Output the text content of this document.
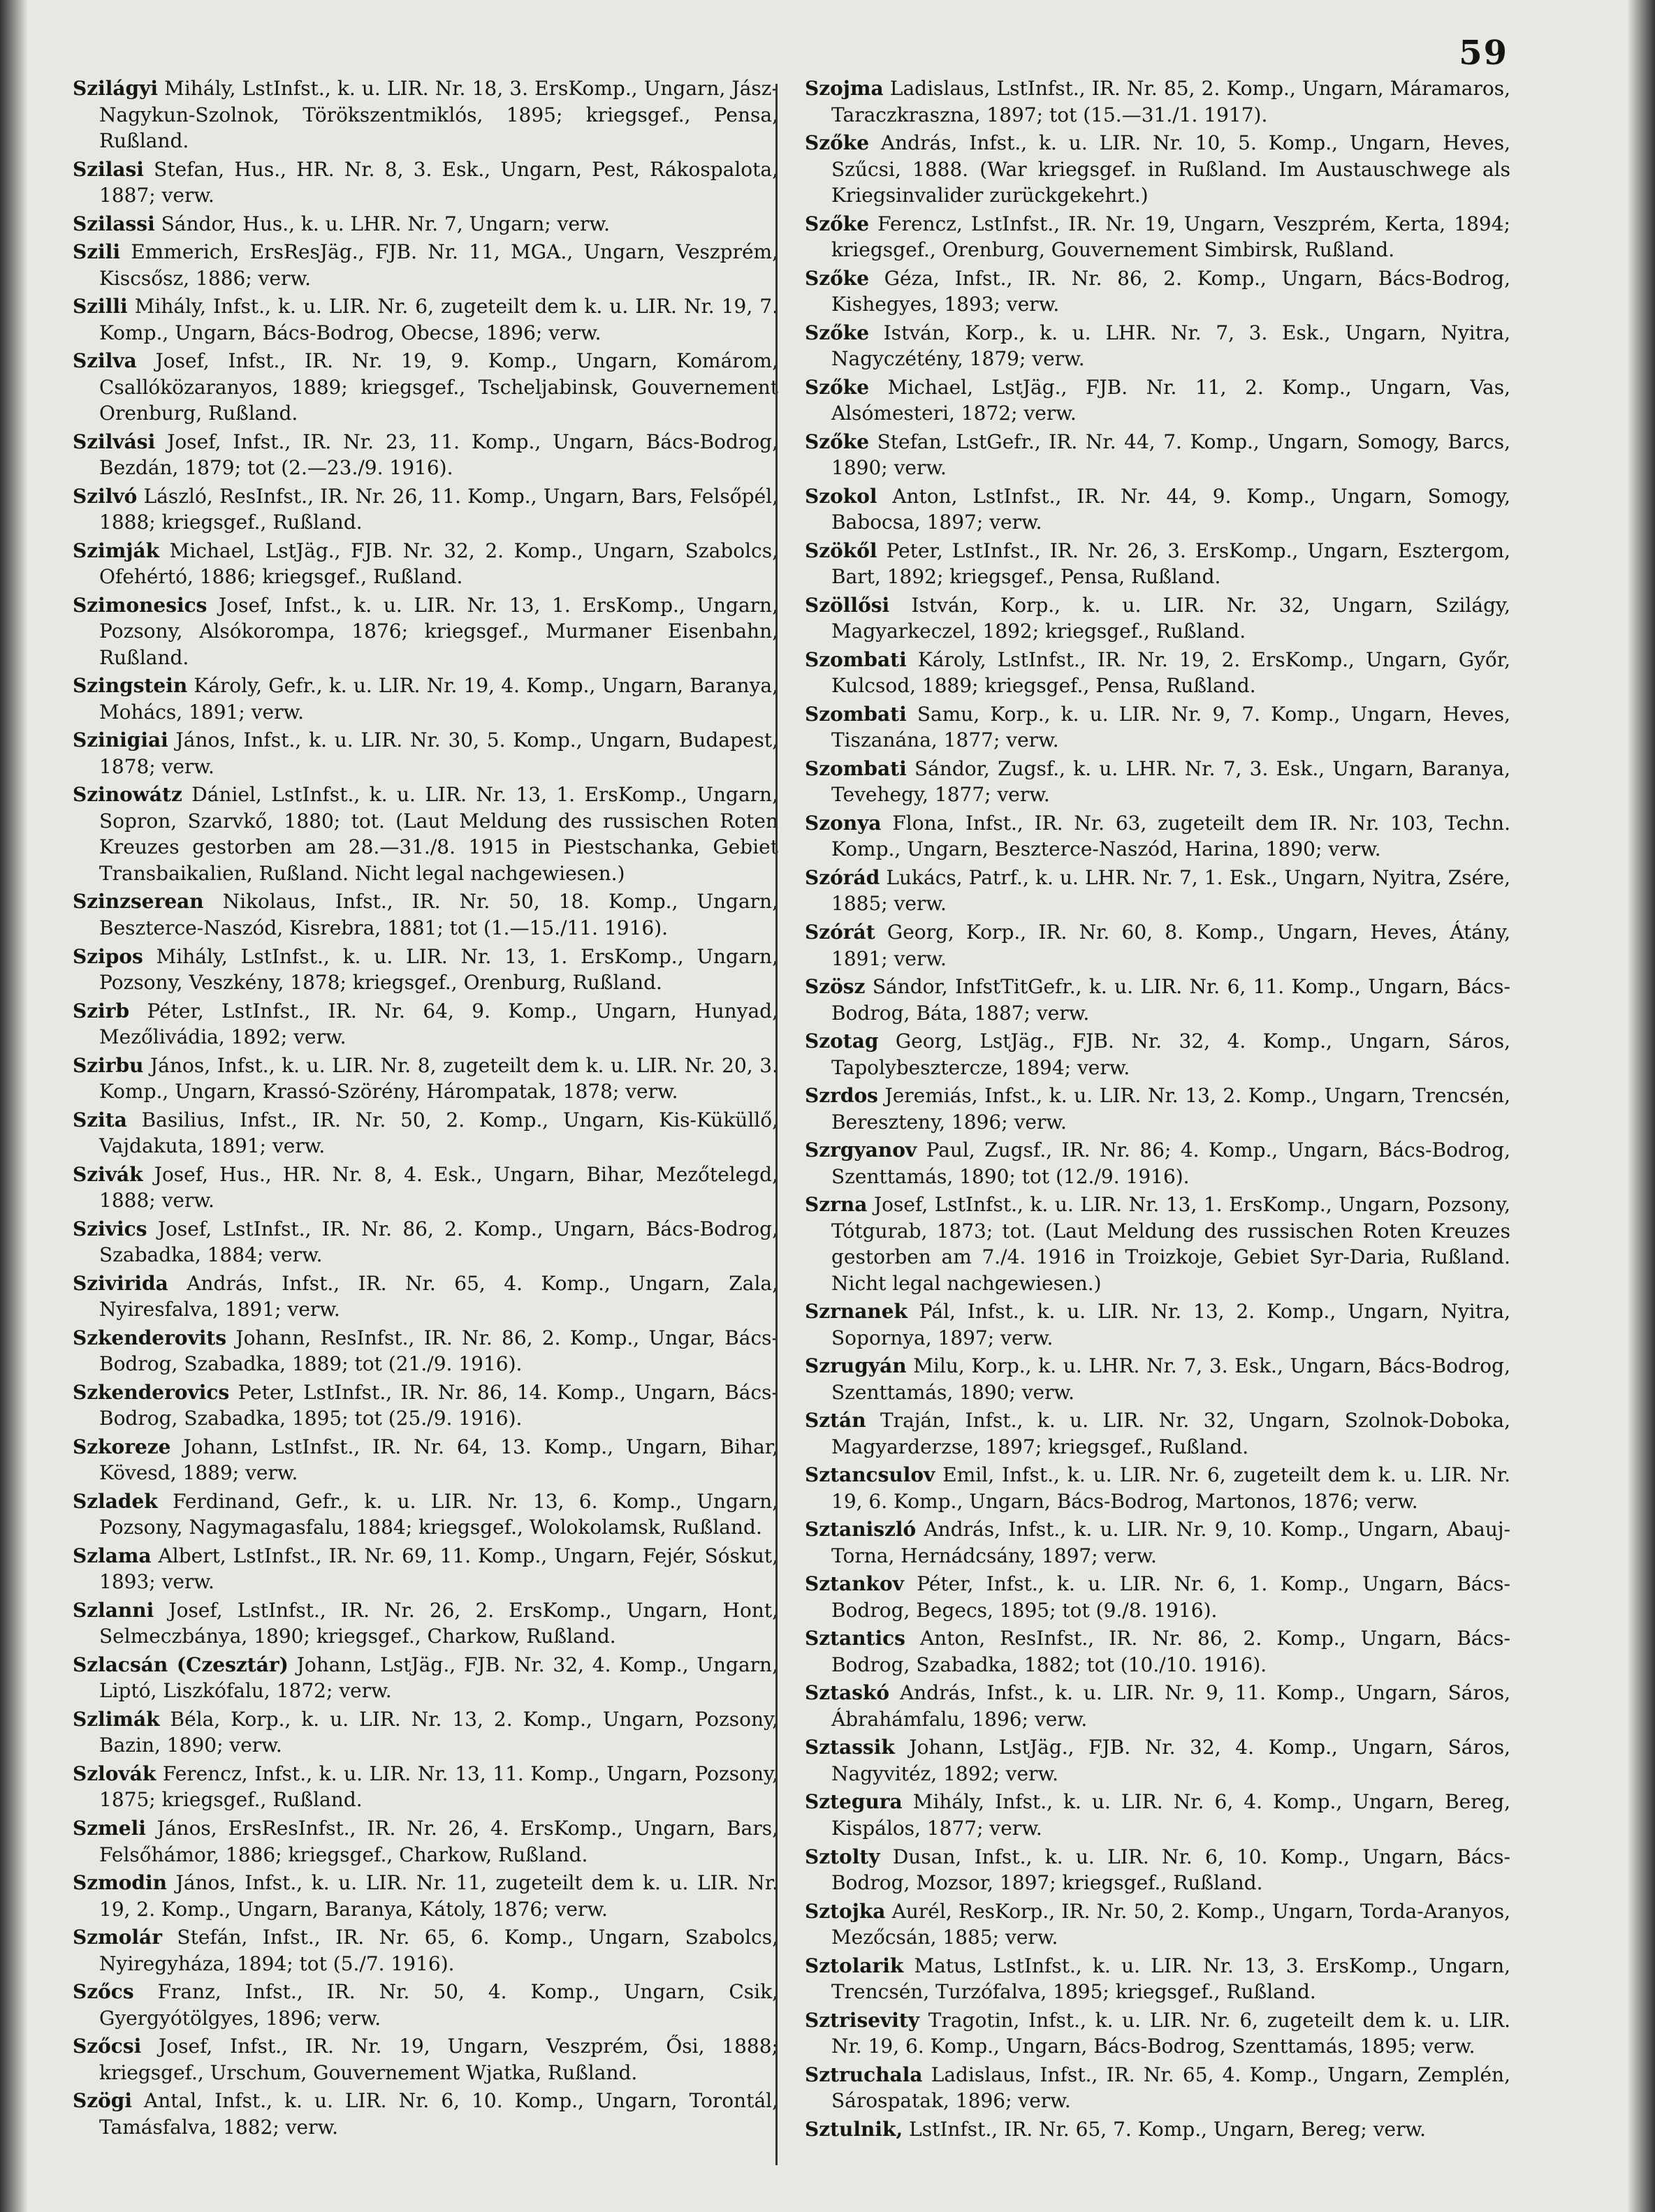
59

Szilágyi Mihály, LstInfst., k. u. LIR. Nr. 18, 3. ErsKomp., Ungarn, Jász-Nagykun-Szolnok, Törökszentmiklós, 1895; kriegsgef., Pensa, Rußland.

Szilasi Stefan, Hus., HR. Nr. 8, 3. Esk., Ungarn, Pest, Rákospalota, 1887; verw.

Szilassi Sándor, Hus., k. u. LHR. Nr. 7, Ungarn; verw.

Szili Emmerich, ErsResJäg., FJB. Nr. 11, MGA., Ungarn, Veszprém, Kiscsősz, 1886; verw.

Szilli Mihály, Infst., k. u. LIR. Nr. 6, zugeteilt dem k. u. LIR. Nr. 19, 7. Komp., Ungarn, Bács-Bodrog, Obecse, 1896; verw.

Szilva Josef, Infst., IR. Nr. 19, 9. Komp., Ungarn, Komárom, Csallóközaranyos, 1889; kriegsgef., Tscheljabinsk, Gouvernement Orenburg, Rußland.

Szilvási Josef, Infst., IR. Nr. 23, 11. Komp., Ungarn, Bács-Bodrog, Bezdán, 1879; tot (2.—23./9. 1916).

Szilvó László, ResInfst., IR. Nr. 26, 11. Komp., Ungarn, Bars, Felsőpél, 1888; kriegsgef., Rußland.

Szimják Michael, LstJäg., FJB. Nr. 32, 2. Komp., Ungarn, Szabolcs, Ofehértó, 1886; kriegsgef., Rußland.

Szimonesics Josef, Infst., k. u. LIR. Nr. 13, 1. ErsKomp., Ungarn, Pozsony, Alsókorompa, 1876; kriegsgef., Murmaner Eisenbahn, Rußland.

Szingstein Károly, Gefr., k. u. LIR. Nr. 19, 4. Komp., Ungarn, Baranya, Mohács, 1891; verw.

Szinigiai János, Infst., k. u. LIR. Nr. 30, 5. Komp., Ungarn, Budapest, 1878; verw.

Szinowátz Dániel, LstInfst., k. u. LIR. Nr. 13, 1. ErsKomp., Ungarn, Sopron, Szarvkő, 1880; tot. (Laut Meldung des russischen Roten Kreuzes gestorben am 28.—31./8. 1915 in Piestschanka, Gebiet Transbaikalien, Rußland. Nicht legal nachgewiesen.)

Szinzserean Nikolaus, Infst., IR. Nr. 50, 18. Komp., Ungarn, Beszterce-Naszód, Kisrebra, 1881; tot (1.—15./11. 1916).

Szipos Mihály, LstInfst., k. u. LIR. Nr. 13, 1. ErsKomp., Ungarn, Pozsony, Veszkény, 1878; kriegsgef., Orenburg, Rußland.

Szirb Péter, LstInfst., IR. Nr. 64, 9. Komp., Ungarn, Hunyad, Mezőlivádia, 1892; verw.

Szirbu János, Infst., k. u. LIR. Nr. 8, zugeteilt dem k. u. LIR. Nr. 20, 3. Komp., Ungarn, Krassó-Szörény, Hárompatak, 1878; verw.

Szita Basilius, Infst., IR. Nr. 50, 2. Komp., Ungarn, Kis-Küküllő, Vajdakuta, 1891; verw.

Szivák Josef, Hus., HR. Nr. 8, 4. Esk., Ungarn, Bihar, Mezőtelegd, 1888; verw.

Szivics Josef, LstInfst., IR. Nr. 86, 2. Komp., Ungarn, Bács-Bodrog, Szabadka, 1884; verw.

Szivirida András, Infst., IR. Nr. 65, 4. Komp., Ungarn, Zala, Nyiresfalva, 1891; verw.

Szkenderovits Johann, ResInfst., IR. Nr. 86, 2. Komp., Ungar, Bács-Bodrog, Szabadka, 1889; tot (21./9. 1916).

Szkenderovics Peter, LstInfst., IR. Nr. 86, 14. Komp., Ungarn, Bács-Bodrog, Szabadka, 1895; tot (25./9. 1916).

Szkoreze Johann, LstInfst., IR. Nr. 64, 13. Komp., Ungarn, Bihar, Kövesd, 1889; verw.

Szladek Ferdinand, Gefr., k. u. LIR. Nr. 13, 6. Komp., Ungarn, Pozsony, Nagymagasfalu, 1884; kriegsgef., Wolokolamsk, Rußland.

Szlama Albert, LstInfst., IR. Nr. 69, 11. Komp., Ungarn, Fejér, Sóskut, 1893; verw.

Szlanni Josef, LstInfst., IR. Nr. 26, 2. ErsKomp., Ungarn, Hont, Selmeczbánya, 1890; kriegsgef., Charkow, Rußland.

Szlacsán (Czesztár) Johann, LstJäg., FJB. Nr. 32, 4. Komp., Ungarn, Liptó, Liszkófalu, 1872; verw.

Szlimák Béla, Korp., k. u. LIR. Nr. 13, 2. Komp., Ungarn, Pozsony, Bazin, 1890; verw.

Szlovák Ferencz, Infst., k. u. LIR. Nr. 13, 11. Komp., Ungarn, Pozsony, 1875; kriegsgef., Rußland.

Szmeli János, ErsResInfst., IR. Nr. 26, 4. ErsKomp., Ungarn, Bars, Felsőhámor, 1886; kriegsgef., Charkow, Rußland.

Szmodin János, Infst., k. u. LIR. Nr. 11, zugeteilt dem k. u. LIR. Nr. 19, 2. Komp., Ungarn, Baranya, Kátoly, 1876; verw.

Szmolár Stefán, Infst., IR. Nr. 65, 6. Komp., Ungarn, Szabolcs, Nyiregyháza, 1894; tot (5./7. 1916).

Szőcs Franz, Infst., IR. Nr. 50, 4. Komp., Ungarn, Csik, Gyergyótölgyes, 1896; verw.

Szőcsi Josef, Infst., IR. Nr. 19, Ungarn, Veszprém, Ősi, 1888; kriegsgef., Urschum, Gouvernement Wjatka, Rußland.

Szögi Antal, Infst., k. u. LIR. Nr. 6, 10. Komp., Ungarn, Torontál, Tamásfalva, 1882; verw.

Szojma Ladislaus, LstInfst., IR. Nr. 85, 2. Komp., Ungarn, Máramaros, Taraczkraszna, 1897; tot (15.—31./1. 1917).

Szőke András, Infst., k. u. LIR. Nr. 10, 5. Komp., Ungarn, Heves, Szűcsi, 1888. (War kriegsgef. in Rußland. Im Austauschwege als Kriegsinvalider zurückgekehrt.)

Szőke Ferencz, LstInfst., IR. Nr. 19, Ungarn, Veszprém, Kerta, 1894; kriegsgef., Orenburg, Gouvernement Simbirsk, Rußland.

Szőke Géza, Infst., IR. Nr. 86, 2. Komp., Ungarn, Bács-Bodrog, Kishegyes, 1893; verw.

Szőke István, Korp., k. u. LHR. Nr. 7, 3. Esk., Ungarn, Nyitra, Nagyczétény, 1879; verw.

Szőke Michael, LstJäg., FJB. Nr. 11, 2. Komp., Ungarn, Vas, Alsómesteri, 1872; verw.

Szőke Stefan, LstGefr., IR. Nr. 44, 7. Komp., Ungarn, Somogy, Barcs, 1890; verw.

Szokol Anton, LstInfst., IR. Nr. 44, 9. Komp., Ungarn, Somogy, Babocsa, 1897; verw.

Szökől Peter, LstInfst., IR. Nr. 26, 3. ErsKomp., Ungarn, Esztergom, Bart, 1892; kriegsgef., Pensa, Rußland.

Szöllősi István, Korp., k. u. LIR. Nr. 32, Ungarn, Szilágy, Magyarkeczel, 1892; kriegsgef., Rußland.

Szombati Károly, LstInfst., IR. Nr. 19, 2. ErsKomp., Ungarn, Győr, Kulcsod, 1889; kriegsgef., Pensa, Rußland.

Szombati Samu, Korp., k. u. LIR. Nr. 9, 7. Komp., Ungarn, Heves, Tiszanána, 1877; verw.

Szombati Sándor, Zugsf., k. u. LHR. Nr. 7, 3. Esk., Ungarn, Baranya, Tevehegy, 1877; verw.

Szonya Flona, Infst., IR. Nr. 63, zugeteilt dem IR. Nr. 103, Techn. Komp., Ungarn, Beszterce-Naszód, Harina, 1890; verw.

Szórád Lukács, Patrf., k. u. LHR. Nr. 7, 1. Esk., Ungarn, Nyitra, Zsére, 1885; verw.

Szórát Georg, Korp., IR. Nr. 60, 8. Komp., Ungarn, Heves, Átány, 1891; verw.

Szösz Sándor, InfstTitGefr., k. u. LIR. Nr. 6, 11. Komp., Ungarn, Bács-Bodrog, Báta, 1887; verw.

Szotag Georg, LstJäg., FJB. Nr. 32, 4. Komp., Ungarn, Sáros, Tapolybesztercze, 1894; verw.

Szrdos Jeremiás, Infst., k. u. LIR. Nr. 13, 2. Komp., Ungarn, Trencsén, Bereszteny, 1896; verw.

Szrgyanov Paul, Zugsf., IR. Nr. 86; 4. Komp., Ungarn, Bács-Bodrog, Szenttamás, 1890; tot (12./9. 1916).

Szrna Josef, LstInfst., k. u. LIR. Nr. 13, 1. ErsKomp., Ungarn, Pozsony, Tótgurab, 1873; tot. (Laut Meldung des russischen Roten Kreuzes gestorben am 7./4. 1916 in Troizkoje, Gebiet Syr-Daria, Rußland. Nicht legal nachgewiesen.)

Szrnanek Pál, Infst., k. u. LIR. Nr. 13, 2. Komp., Ungarn, Nyitra, Sopornya, 1897; verw.

Szrugyán Milu, Korp., k. u. LHR. Nr. 7, 3. Esk., Ungarn, Bács-Bodrog, Szenttamás, 1890; verw.

Sztán Traján, Infst., k. u. LIR. Nr. 32, Ungarn, Szolnok-Doboka, Magyarderzse, 1897; kriegsgef., Rußland.

Sztancsulov Emil, Infst., k. u. LIR. Nr. 6, zugeteilt dem k. u. LIR. Nr. 19, 6. Komp., Ungarn, Bács-Bodrog, Martonos, 1876; verw.

Sztaniszló András, Infst., k. u. LIR. Nr. 9, 10. Komp., Ungarn, Abauj-Torna, Hernádcsány, 1897; verw.

Sztankov Péter, Infst., k. u. LIR. Nr. 6, 1. Komp., Ungarn, Bács-Bodrog, Begecs, 1895; tot (9./8. 1916).

Sztantics Anton, ResInfst., IR. Nr. 86, 2. Komp., Ungarn, Bács-Bodrog, Szabadka, 1882; tot (10./10. 1916).

Sztaskó András, Infst., k. u. LIR. Nr. 9, 11. Komp., Ungarn, Sáros, Ábrahámfalu, 1896; verw.

Sztassik Johann, LstJäg., FJB. Nr. 32, 4. Komp., Ungarn, Sáros, Nagyvitéz, 1892; verw.

Sztegura Mihály, Infst., k. u. LIR. Nr. 6, 4. Komp., Ungarn, Bereg, Kispálos, 1877; verw.

Sztolty Dusan, Infst., k. u. LIR. Nr. 6, 10. Komp., Ungarn, Bács-Bodrog, Mozsor, 1897; kriegsgef., Rußland.

Sztojka Aurél, ResKorp., IR. Nr. 50, 2. Komp., Ungarn, Torda-Aranyos, Mezőcsán, 1885; verw.

Sztolarik Matus, LstInfst., k. u. LIR. Nr. 13, 3. ErsKomp., Ungarn, Trencsén, Turzófalva, 1895; kriegsgef., Rußland.

Sztrisevity Tragotin, Infst., k. u. LIR. Nr. 6, zugeteilt dem k. u. LIR. Nr. 19, 6. Komp., Ungarn, Bács-Bodrog, Szenttamás, 1895; verw.

Sztruchala Ladislaus, Infst., IR. Nr. 65, 4. Komp., Ungarn, Zemplén, Sárospatak, 1896; verw.

Sztulnik, LstInfst., IR. Nr. 65, 7. Komp., Ungarn, Bereg; verw.
